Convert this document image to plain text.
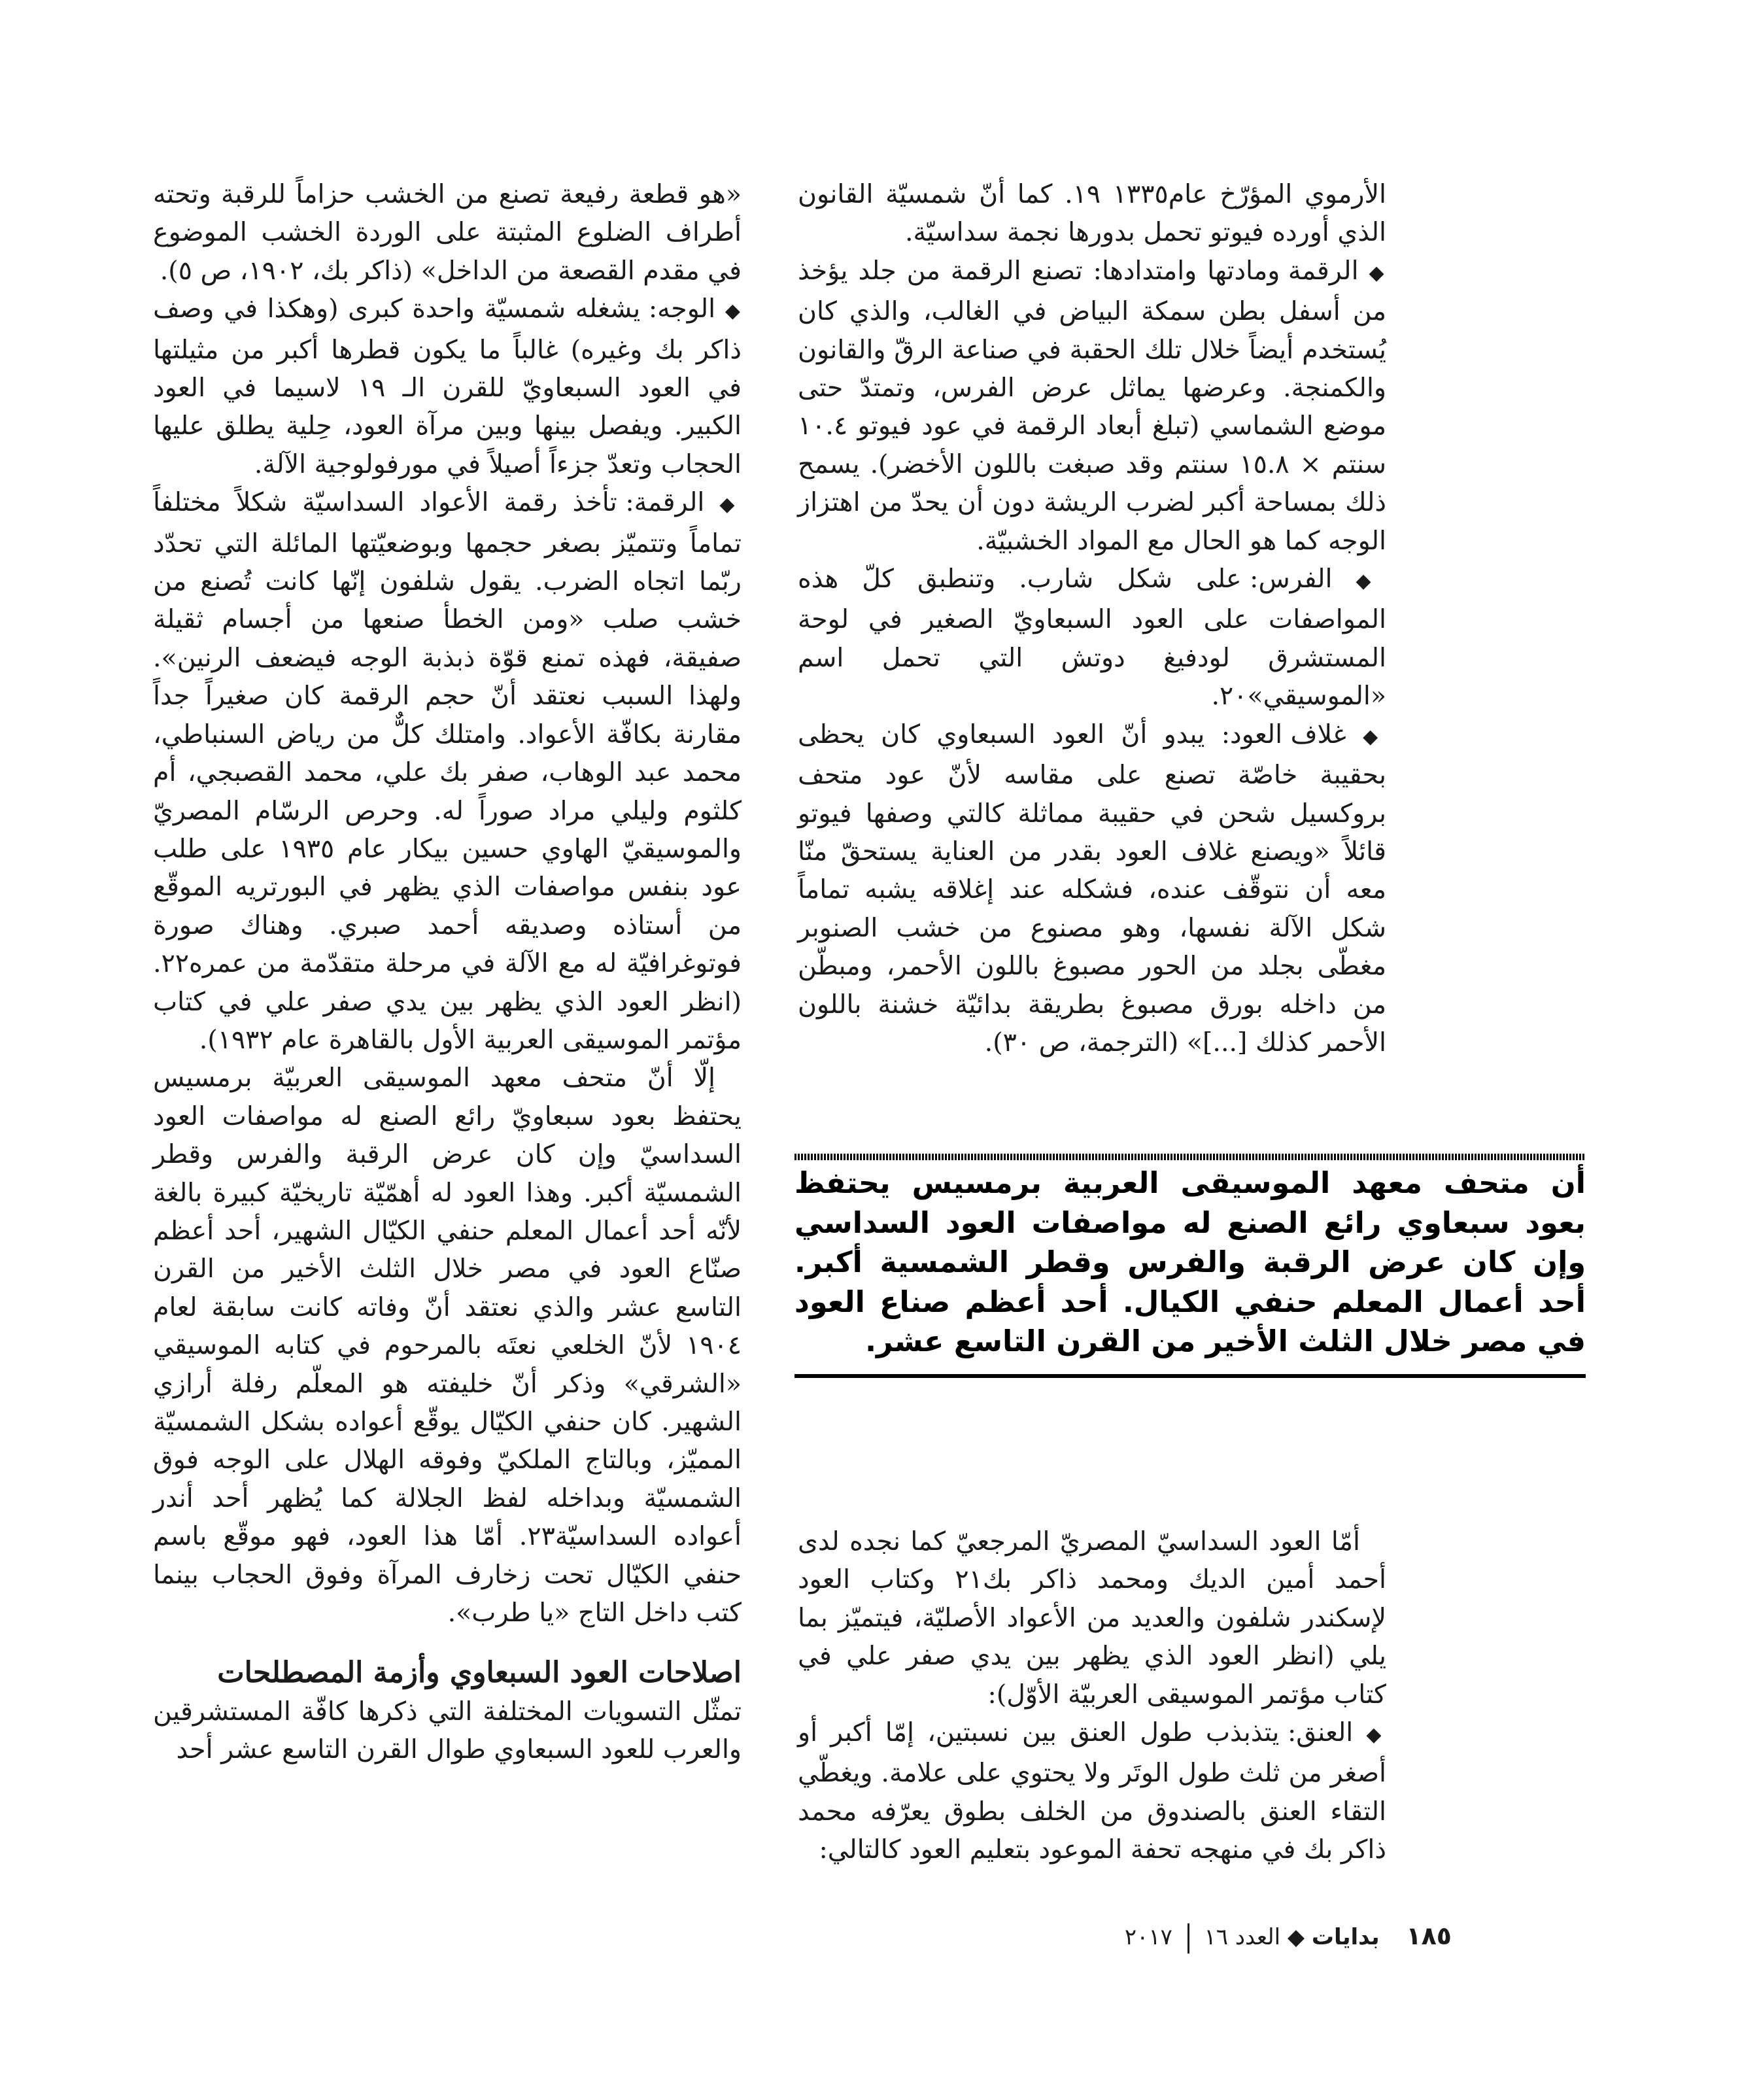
الأرموي المؤرّخ عام١٣٣٥ ١٩. كما أنّ شمسيّة القانون الذي أورده فيوتو تحمل بدورها نجمة سداسيّة.

◆ الرقمة ومادتها وامتدادها: تصنع الرقمة من جلد يؤخذ من أسفل بطن سمكة البياض في الغالب، والذي كان يُستخدم أيضاً خلال تلك الحقبة في صناعة الرقّ والقانون والكمنجة. وعرضها يماثل عرض الفرس، وتمتدّ حتى موضع الشماسي (تبلغ أبعاد الرقمة في عود فيوتو ١٠.٤ سنتم × ١٥.٨ سنتم وقد صبغت باللون الأخضر). يسمح ذلك بمساحة أكبر لضرب الريشة دون أن يحدّ من اهتزاز الوجه كما هو الحال مع المواد الخشبيّة.

◆ الفرس: على شكل شارب. وتنطبق كلّ هذه المواصفات على العود السبعاويّ الصغير في لوحة المستشرق لودفيغ دوتش التي تحمل اسم «الموسيقي»٢٠.

◆ غلاف العود: يبدو أنّ العود السبعاوي كان يحظى بحقيبة خاصّة تصنع على مقاسه لأنّ عود متحف بروكسيل شحن في حقيبة مماثلة كالتي وصفها فيوتو قائلاً «ويصنع غلاف العود بقدر من العناية يستحقّ منّا معه أن نتوقّف عنده، فشكله عند إغلاقه يشبه تماماً شكل الآلة نفسها، وهو مصنوع من خشب الصنوبر مغطّى بجلد من الحور مصبوغ باللون الأحمر، ومبطّن من داخله بورق مصبوغ بطريقة بدائيّة خشنة باللون الأحمر كذلك [...]» (الترجمة، ص ٣٠).

أن متحف معهد الموسيقى العربية برمسيس يحتفظ بعود سبعاوي رائع الصنع له مواصفات العود السداسي وإن كان عرض الرقبة والفرس وقطر الشمسية أكبر. أحد أعمال المعلم حنفي الكيال. أحد أعظم صناع العود في مصر خلال الثلث الأخير من القرن التاسع عشر.

أمّا العود السداسيّ المصريّ المرجعيّ كما نجده لدى أحمد أمين الديك ومحمد ذاكر بك٢١ وكتاب العود لإسكندر شلفون والعديد من الأعواد الأصليّة، فيتميّز بما يلي (انظر العود الذي يظهر بين يدي صفر علي في كتاب مؤتمر الموسيقى العربيّة الأوّل):

◆ العنق: يتذبذب طول العنق بين نسبتين، إمّا أكبر أو أصغر من ثلث طول الوتَر ولا يحتوي على علامة. ويغطّي التقاء العنق بالصندوق من الخلف بطوق يعرّفه محمد ذاكر بك في منهجه تحفة الموعود بتعليم العود كالتالي:

«هو قطعة رفيعة تصنع من الخشب حزاماً للرقبة وتحته أطراف الضلوع المثبتة على الوردة الخشب الموضوع في مقدم القصعة من الداخل» (ذاكر بك، ١٩٠٢، ص ٥).

◆ الوجه: يشغله شمسيّة واحدة كبرى (وهكذا في وصف ذاكر بك وغيره) غالباً ما يكون قطرها أكبر من مثيلتها في العود السبعاويّ للقرن الـ ١٩ لاسيما في العود الكبير. ويفصل بينها وبين مرآة العود، حِلية يطلق عليها الحجاب وتعدّ جزءاً أصيلاً في مورفولوجية الآلة.

◆ الرقمة: تأخذ رقمة الأعواد السداسيّة شكلاً مختلفاً تماماً وتتميّز بصغر حجمها وبوضعيّتها المائلة التي تحدّد ربّما اتجاه الضرب. يقول شلفون إنّها كانت تُصنع من خشب صلب «ومن الخطأ صنعها من أجسام ثقيلة صفيقة، فهذه تمنع قوّة ذبذبة الوجه فيضعف الرنين». ولهذا السبب نعتقد أنّ حجم الرقمة كان صغيراً جداً مقارنة بكافّة الأعواد. وامتلك كلٌّ من رياض السنباطي، محمد عبد الوهاب، صفر بك علي، محمد القصبجي، أم كلثوم وليلي مراد صوراً له. وحرص الرسّام المصريّ والموسيقيّ الهاوي حسين بيكار عام ١٩٣٥ على طلب عود بنفس مواصفات الذي يظهر في البورتريه الموقّع من أستاذه وصديقه أحمد صبري. وهناك صورة فوتوغرافيّة له مع الآلة في مرحلة متقدّمة من عمره٢٢. (انظر العود الذي يظهر بين يدي صفر علي في كتاب مؤتمر الموسيقى العربية الأول بالقاهرة عام ١٩٣٢).

إلّا أنّ متحف معهد الموسيقى العربيّة برمسيس يحتفظ بعود سبعاويّ رائع الصنع له مواصفات العود السداسيّ وإن كان عرض الرقبة والفرس وقطر الشمسيّة أكبر. وهذا العود له أهمّيّة تاريخيّة كبيرة بالغة لأنّه أحد أعمال المعلم حنفي الكيّال الشهير، أحد أعظم صنّاع العود في مصر خلال الثلث الأخير من القرن التاسع عشر والذي نعتقد أنّ وفاته كانت سابقة لعام ١٩٠٤ لأنّ الخلعي نعتَه بالمرحوم في كتابه الموسيقي «الشرقي» وذكر أنّ خليفته هو المعلّم رفلة أرازي الشهير. كان حنفي الكيّال يوقّع أعواده بشكل الشمسيّة المميّز، وبالتاج الملكيّ وفوقه الهلال على الوجه فوق الشمسيّة وبداخله لفظ الجلالة كما يُظهر أحد أندر أعواده السداسيّة٢٣. أمّا هذا العود، فهو موقّع باسم حنفي الكيّال تحت زخارف المرآة وفوق الحجاب بينما كتب داخل التاج «يا طرب».

اصلاحات العود السبعاوي وأزمة المصطلحات

تمثّل التسويات المختلفة التي ذكرها كافّة المستشرقين والعرب للعود السبعاوي طوال القرن التاسع عشر أحد

١٨٥ بدايات ◆ العدد ١٦  ٢٠١٧
